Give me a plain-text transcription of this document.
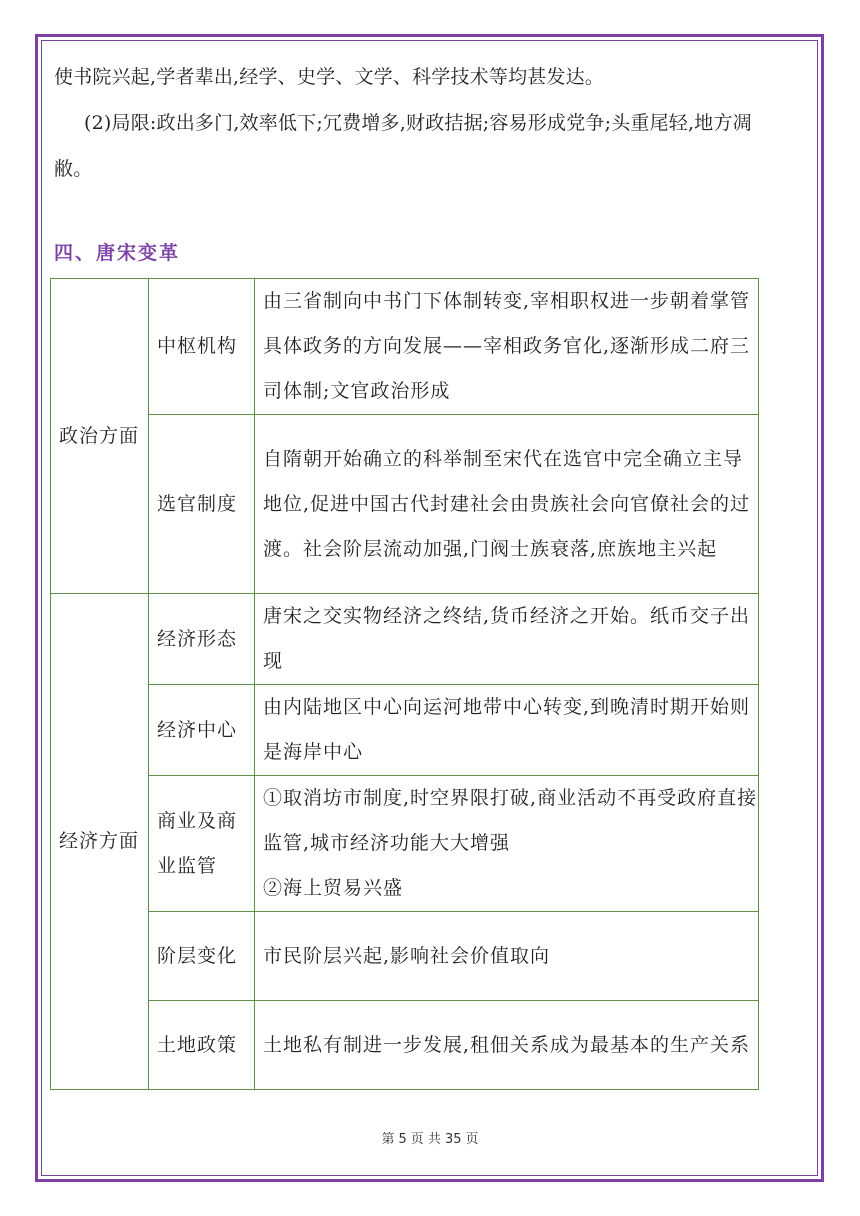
使书院兴起,学者辈出,经学、史学、文学、科学技术等均甚发达。

(2)局限:政出多门,效率低下;冗费增多,财政拮据;容易形成党争;头重尾轻,地方凋敝。

四、唐宋变革
政治方面	中枢机构	由三省制向中书门下体制转变,宰相职权进一步朝着掌管具体政务的方向发展——宰相政务官化,逐渐形成二府三司体制;文官政治形成
	选官制度	自隋朝开始确立的科举制至宋代在选官中完全确立主导地位,促进中国古代封建社会由贵族社会向官僚社会的过渡。社会阶层流动加强,门阀士族衰落,庶族地主兴起
经济方面	经济形态	唐宋之交实物经济之终结,货币经济之开始。纸币交子出现
	经济中心	由内陆地区中心向运河地带中心转变,到晚清时期开始则是海岸中心
	商业及商业监管	①取消坊市制度,时空界限打破,商业活动不再受政府直接监管,城市经济功能大大增强
②海上贸易兴盛

	阶层变化	市民阶层兴起,影响社会价值取向
	土地政策	土地私有制进一步发展,租佃关系成为最基本的生产关系
第 5 页 共 35 页
